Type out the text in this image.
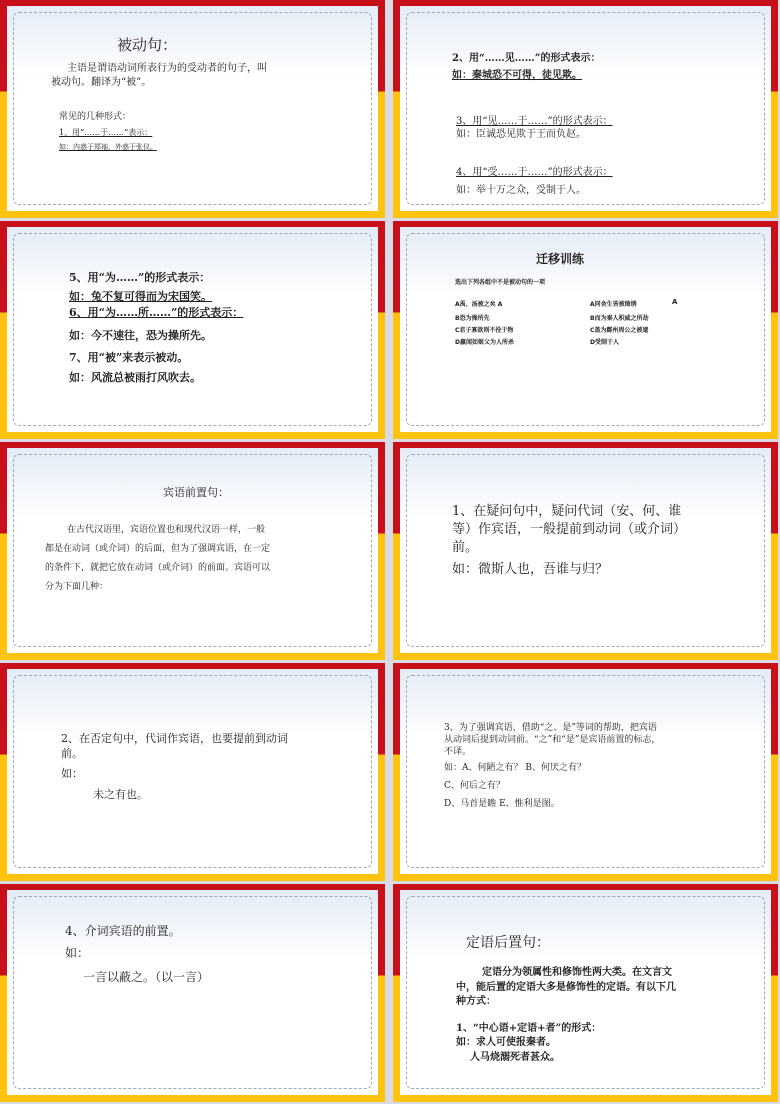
被动句：
主语是谓语动词所表行为的受动者的句子，叫
被动句。翻译为“被”。
常见的几种形式：
1、用“……于……”表示：
如：内惑于郑袖，外惑于张仪。
2、用“……见……”的形式表示：
如：秦城恐不可得，徒见欺。
3、用“见……于……”的形式表示：
如：臣诚恐见欺于王而负赵。
4、用“受……于……”的形式表示：
如：举十万之众，受制于人。
5、用“为……”的形式表示：
如：兔不复可得而为宋国笑。
6、用“为……所……”的形式表示：
如：今不速往，恐为操所先。
7、用“被”来表示被动。
如：风流总被雨打风吹去。
迁移训练
选出下列各组中不是被动句的一项
A禹、汤被之矣 A
B恐为操所先
C君子寡欲则不役于物
D嬴闻如姬父为人所杀
A同舍生皆被绮绣	A
B而为秦人积威之所劫
C盖为鄜州周公之被逮
D受制于人
宾语前置句：
在古代汉语里，宾语位置也和现代汉语一样，一般
都是在动词（或介词）的后面，但为了强调宾语，在一定
的条件下，就把它放在动词（或介词）的前面。宾语可以
分为下面几种：
1、在疑问句中，疑问代词（安、何、谁
等）作宾语，一般提前到动词（或介词）
前。
如：微斯人也，吾谁与归？
2、在否定句中，代词作宾语，也要提前到动词
前。
如：
未之有也。
3、为了强调宾语，借助“之、是”等词的帮助，把宾语
从动词后提到动词前。“之”和“是”是宾语前置的标志，
不译。
如：A、何陋之有？ B、何厌之有？
C、何后之有？
D、马首是瞻 E、惟利是图。
4、介词宾语的前置。
如：
一言以蔽之。（以一言）
定语后置句：
定语分为领属性和修饰性两大类。在文言文
中，能后置的定语大多是修饰性的定语。有以下几
种方式：
1、“中心语+定语+者”的形式：
如：求人可使报秦者。
人马烧溺死者甚众。
